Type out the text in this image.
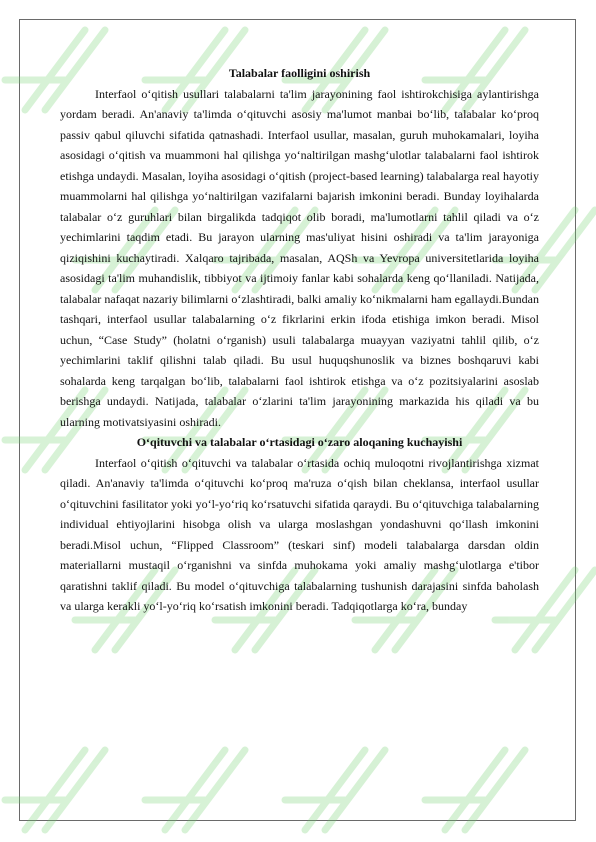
Talabalar faolligini oshirish

Interfaol o‘qitish usullari talabalarni ta'lim jarayonining faol ishtirokchisiga aylantirishga yordam beradi. An'anaviy ta'limda o‘qituvchi asosiy ma'lumot manbai bo‘lib, talabalar ko‘proq passiv qabul qiluvchi sifatida qatnashadi. Interfaol usullar, masalan, guruh muhokamalari, loyiha asosidagi o‘qitish va muammoni hal qilishga yo‘naltirilgan mashg‘ulotlar talabalarni faol ishtirok etishga undaydi. Masalan, loyiha asosidagi o‘qitish (project-based learning) talabalarga real hayotiy muammolarni hal qilishga yo‘naltirilgan vazifalarni bajarish imkonini beradi. Bunday loyihalarda talabalar o‘z guruhlari bilan birgalikda tadqiqot olib boradi, ma'lumotlarni tahlil qiladi va o‘z yechimlarini taqdim etadi. Bu jarayon ularning mas'uliyat hisini oshiradi va ta'lim jarayoniga qiziqishini kuchaytiradi. Xalqaro tajribada, masalan, AQSh va Yevropa universitetlarida loyiha asosidagi ta'lim muhandislik, tibbiyot va ijtimoiy fanlar kabi sohalarda keng qo‘llaniladi. Natijada, talabalar nafaqat nazariy bilimlarni o‘zlashtiradi, balki amaliy ko‘nikmalarni ham egallaydi.Bundan tashqari, interfaol usullar talabalarning o‘z fikrlarini erkin ifoda etishiga imkon beradi. Misol uchun, “Case Study” (holatni o‘rganish) usuli talabalarga muayyan vaziyatni tahlil qilib, o‘z yechimlarini taklif qilishni talab qiladi. Bu usul huquqshunoslik va biznes boshqaruvi kabi sohalarda keng tarqalgan bo‘lib, talabalarni faol ishtirok etishga va o‘z pozitsiyalarini asoslab berishga undaydi. Natijada, talabalar o‘zlarini ta'lim jarayonining markazida his qiladi va bu ularning motivatsiyasini oshiradi.

O‘qituvchi va talabalar o‘rtasidagi o‘zaro aloqaning kuchayishi

Interfaol o‘qitish o‘qituvchi va talabalar o‘rtasida ochiq muloqotni rivojlantirishga xizmat qiladi. An'anaviy ta'limda o‘qituvchi ko‘proq ma'ruza o‘qish bilan cheklansa, interfaol usullar o‘qituvchini fasilitator yoki yo‘l-yo‘riq ko‘rsatuvchi sifatida qaraydi. Bu o‘qituvchiga talabalarning individual ehtiyojlarini hisobga olish va ularga moslashgan yondashuvni qo‘llash imkonini beradi.Misol uchun, “Flipped Classroom” (teskari sinf) modeli talabalarga darsdan oldin materiallarni mustaqil o‘rganishni va sinfda muhokama yoki amaliy mashg‘ulotlarga e'tibor qaratishni taklif qiladi. Bu model o‘qituvchiga talabalarning tushunish darajasini sinfda baholash va ularga kerakli yo‘l-yo‘riq ko‘rsatish imkonini beradi. Tadqiqotlarga ko‘ra, bunday
